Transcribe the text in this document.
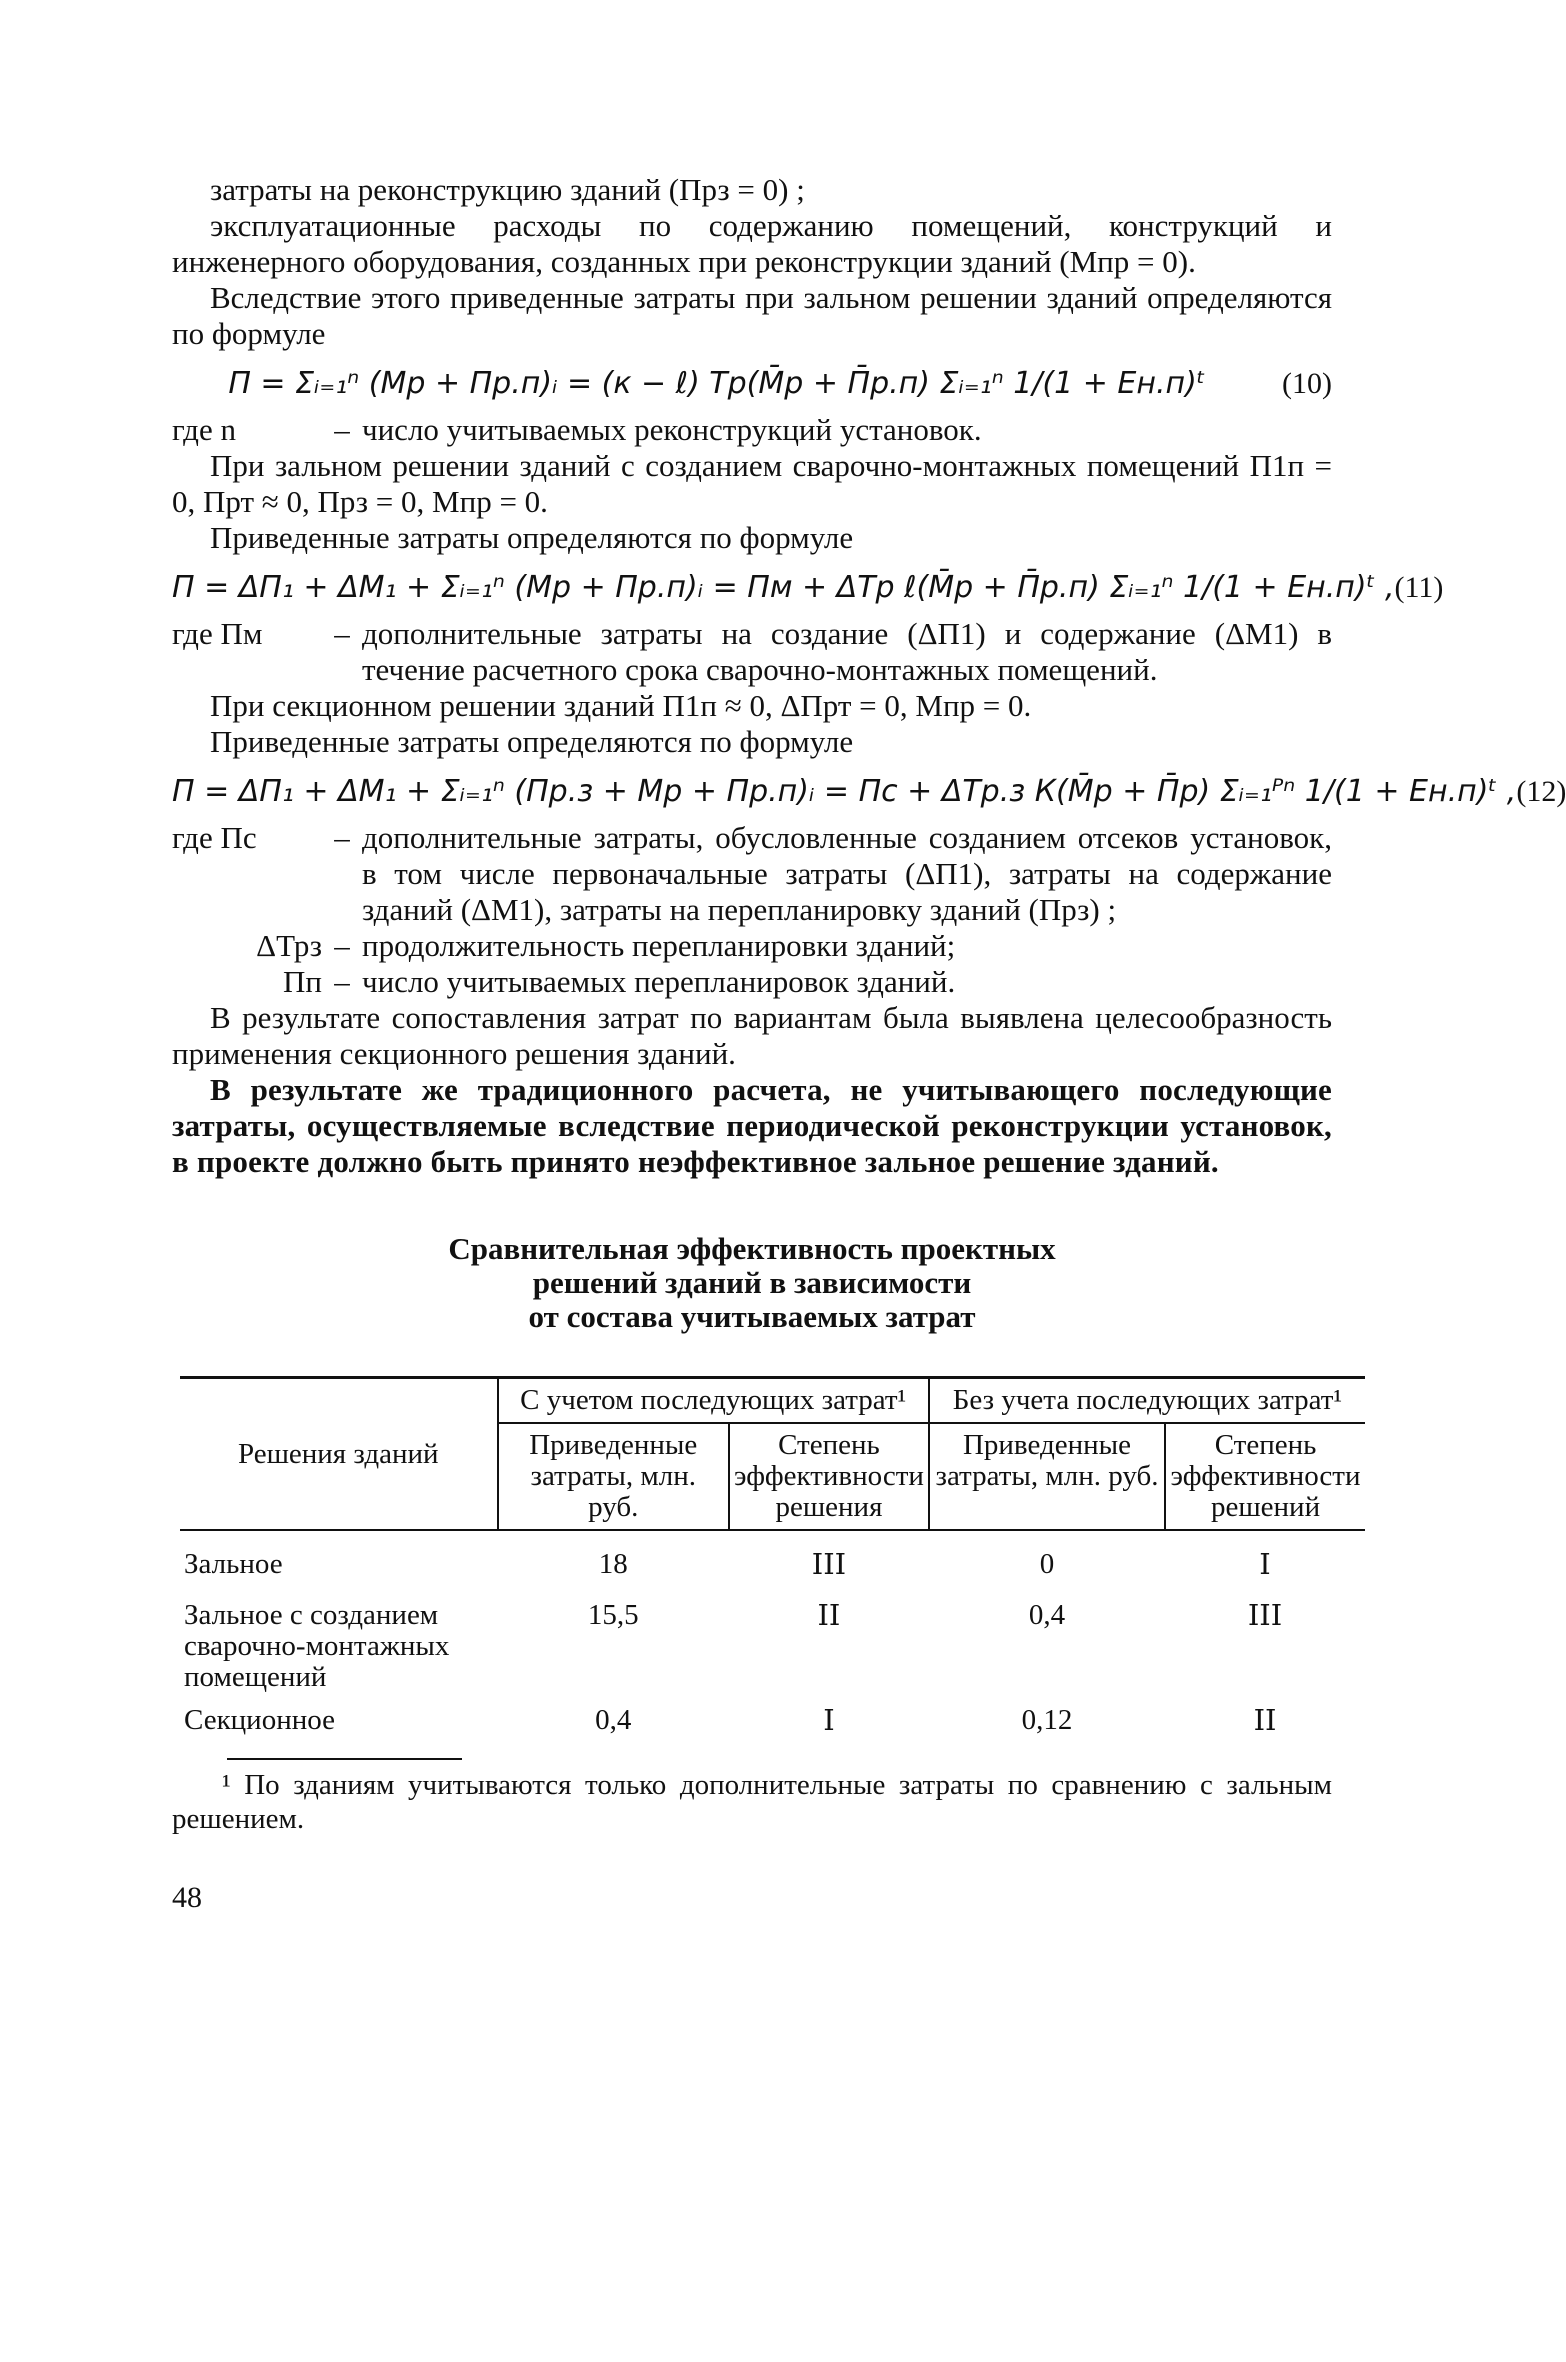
затраты на реконструкцию зданий (Прз = 0) ;

эксплуатационные расходы по содержанию помещений, конструкций и инженерного оборудования, созданных при реконструкции зданий (Мпр = 0).

Вследствие этого приведенные затраты при зальном решении зданий определяются по формуле

П = Σᵢ₌₁ⁿ (Мр + Пр.п)ᵢ = (к − ℓ) Тр(М̄р + П̄р.п) Σᵢ₌₁ⁿ 1/(1 + Ен.п)ᵗ	(10)
где n	– число учитываемых реконструкций установок.

При зальном решении зданий с созданием сварочно-монтажных помещений П1п = 0, Прт ≈ 0, Прз = 0, Мпр = 0.

Приведенные затраты определяются по формуле

П = ΔП₁ + ΔМ₁ + Σᵢ₌₁ⁿ (Мр + Пр.п)ᵢ = Пм + ΔТр ℓ(М̄р + П̄р.п) Σᵢ₌₁ⁿ 1/(1 + Ен.п)ᵗ , (11)
где Пм	– дополнительные затраты на создание (ΔП1) и содержание (ΔМ1) в течение расчетного срока сварочно-монтажных помещений.

При секционном решении зданий П1п ≈ 0, ΔПрт = 0, Мпр = 0.

Приведенные затраты определяются по формуле

П = ΔП₁ + ΔМ₁ + Σᵢ₌₁ⁿ (Пр.з + Мр + Пр.п)ᵢ = Пс + ΔТр.з К(М̄р + П̄р) Σᵢ₌₁ᴾⁿ 1/(1 + Ен.п)ᵗ , (12)
где Пс	– дополнительные затраты, обусловленные созданием отсеков установок, в том числе первоначальные затраты (ΔП1), затраты на содержание зданий (ΔМ1), затраты на перепланировку зданий (Прз) ;
ΔТрз – продолжительность перепланировки зданий;
Пп – число учитываемых перепланировок зданий.

В результате сопоставления затрат по вариантам была выявлена целесообразность применения секционного решения зданий.

В результате же традиционного расчета, не учитывающего последующие затраты, осуществляемые вследствие периодической реконструкции установок, в проекте должно быть принято неэффективное зальное решение зданий.

Сравнительная эффективность проектных
решений зданий в зависимости
от состава учитываемых затрат
Решения зданий	С учетом последующих затрат¹		Без учета последующих затрат¹	
	Приведенные затраты, млн. руб.	Степень эффективности решения	Приведенные затраты, млн. руб.	Степень эффективности решений
Зальное	18	III	0	I
Зальное с созданием сварочно-монтажных помещений	15,5	II	0,4	III
Секционное	0,4	I	0,12	II

¹ По зданиям учитываются только дополнительные затраты по сравнению с зальным решением.

48
